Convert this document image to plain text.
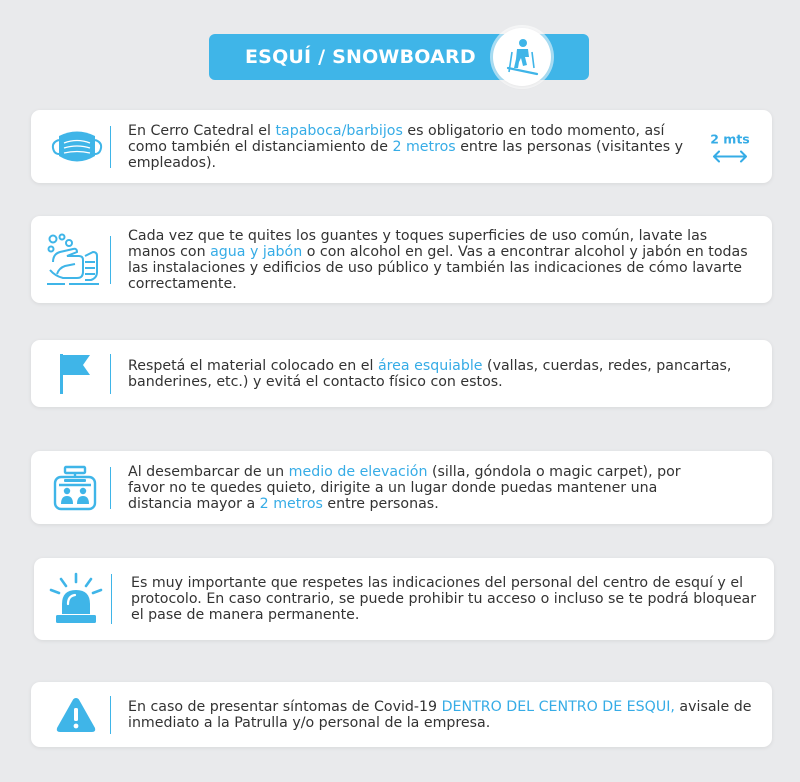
ESQUÍ / SNOWBOARD
En Cerro Catedral el tapaboca/barbijos es obligatorio en todo momento, así como también el distanciamiento de 2 metros entre las personas (visitantes y empleados).
2 mts
Cada vez que te quites los guantes y toques superficies de uso común, lavate las manos con agua y jabón o con alcohol en gel. Vas a encontrar alcohol y jabón en todas las instalaciones y edificios de uso público y también las indicaciones de cómo lavarte correctamente.
Respetá el material colocado en el área esquiable (vallas, cuerdas, redes, pancartas, banderines, etc.) y evitá el contacto físico con estos.
Al desembarcar de un medio de elevación (silla, góndola o magic carpet), por favor no te quedes quieto, dirigite a un lugar donde puedas mantener una distancia mayor a 2 metros entre personas.
Es muy importante que respetes las indicaciones del personal del centro de esquí y el protocolo. En caso contrario, se puede prohibir tu acceso o incluso se te podrá bloquear el pase de manera permanente.
En caso de presentar síntomas de Covid-19 DENTRO DEL CENTRO DE ESQUI, avisale de inmediato a la Patrulla y/o personal de la empresa.
